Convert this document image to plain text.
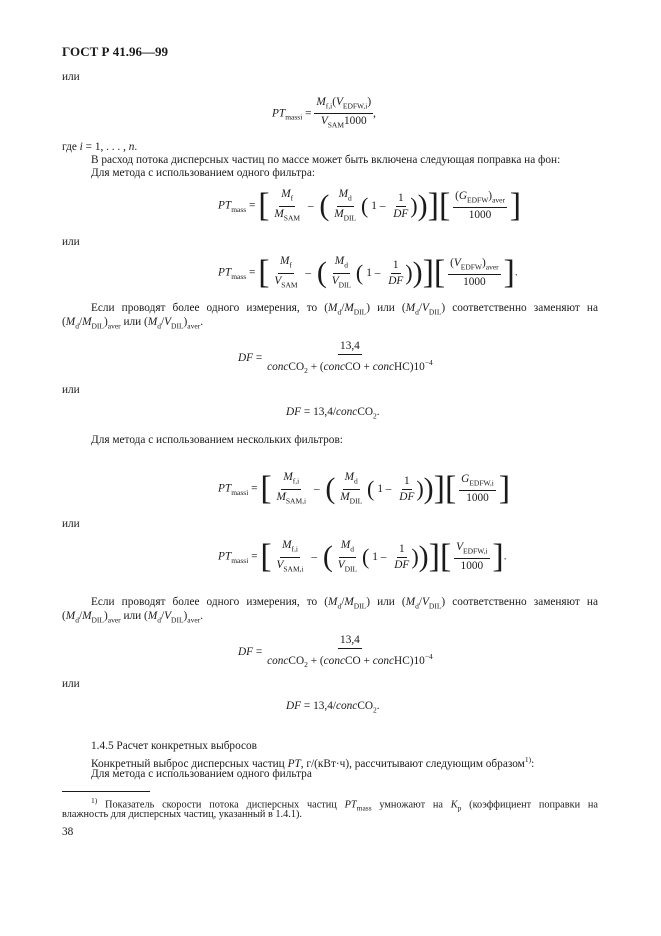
ГОСТ Р 41.96—99
или
$PT_{massi}$ =
$M_{f,i}(V_{EDFW,i})$
$V_{SAM}1000$
,
где i = 1, . . . , n.
В расход потока дисперсных частиц по массе может быть включена следующая поправка на фон:
Для метода с использованием одного фильтра:
$PT_{mass}$ = [ $M_f$
$M_{SAM}$
– ( $M_d$
$M_{DIL}$ ( $1 - \frac{1}{DF}$ ))][ $(G_{EDFW})_{aver}$
1000 ]
или
$PT_{mass}$ = [ $M_f$
$V_{SAM}$
– ( $M_d$
$V_{DIL}$ ( $1 - \frac{1}{DF}$ ))][ $(V_{EDFW})_{aver}$
1000 ].
Если проводят более одного измерения, то $(M_d/M_{DIL})$ или $(M_d/V_{DIL})$ соответственно заменяют на
$(M_d/M_{DIL})_{aver}$ или $(M_d/V_{DIL})_{aver}$.
DF =
13,4
concCO$_2$ + (concCO + $concHC)10^{-4}$
или
DF = 13,4/concCO$_2$.
Для метода с использованием нескольких фильтров:
$PT_{massi}$ = [ $M_{f,i}$
$M_{SAM,i}$
– ( $M_d$
$M_{DIL}$ ( $1 - \frac{1}{DF}$ ))][ $G_{EDFW,i}$
1000 ]
или
$PT_{massi}$ = [ $M_{f,i}$
$V_{SAM,i}$
– ( $M_d$
$V_{DIL}$ ( $1 - \frac{1}{DF}$ ))][ $V_{EDFW,i}$
1000 ].
Если проводят более одного измерения, то $(M_d/M_{DIL})$ или $(M_d/V_{DIL})$ соответственно заменяют на
$(M_d/M_{DIL})_{aver}$ или $(M_d/V_{DIL})_{aver}$.
DF =
13,4
concCO$_2$ + (concCO + $concHC)10^{-4}$
или
DF = 13,4/concCO$_2$.
1.4.5 Расчет конкретных выбросов
Конкретный выброс дисперсных частиц PT, г/(кВт·ч), рассчитывают следующим образом$^{1)}$:
Для метода с использованием одного фильтра
$^{1)}$ Показатель скорости потока дисперсных частиц $PT_{mass}$ умножают на $K_p$ (коэффициент поправки на
влажность для дисперсных частиц, указанный в 1.4.1).
38
